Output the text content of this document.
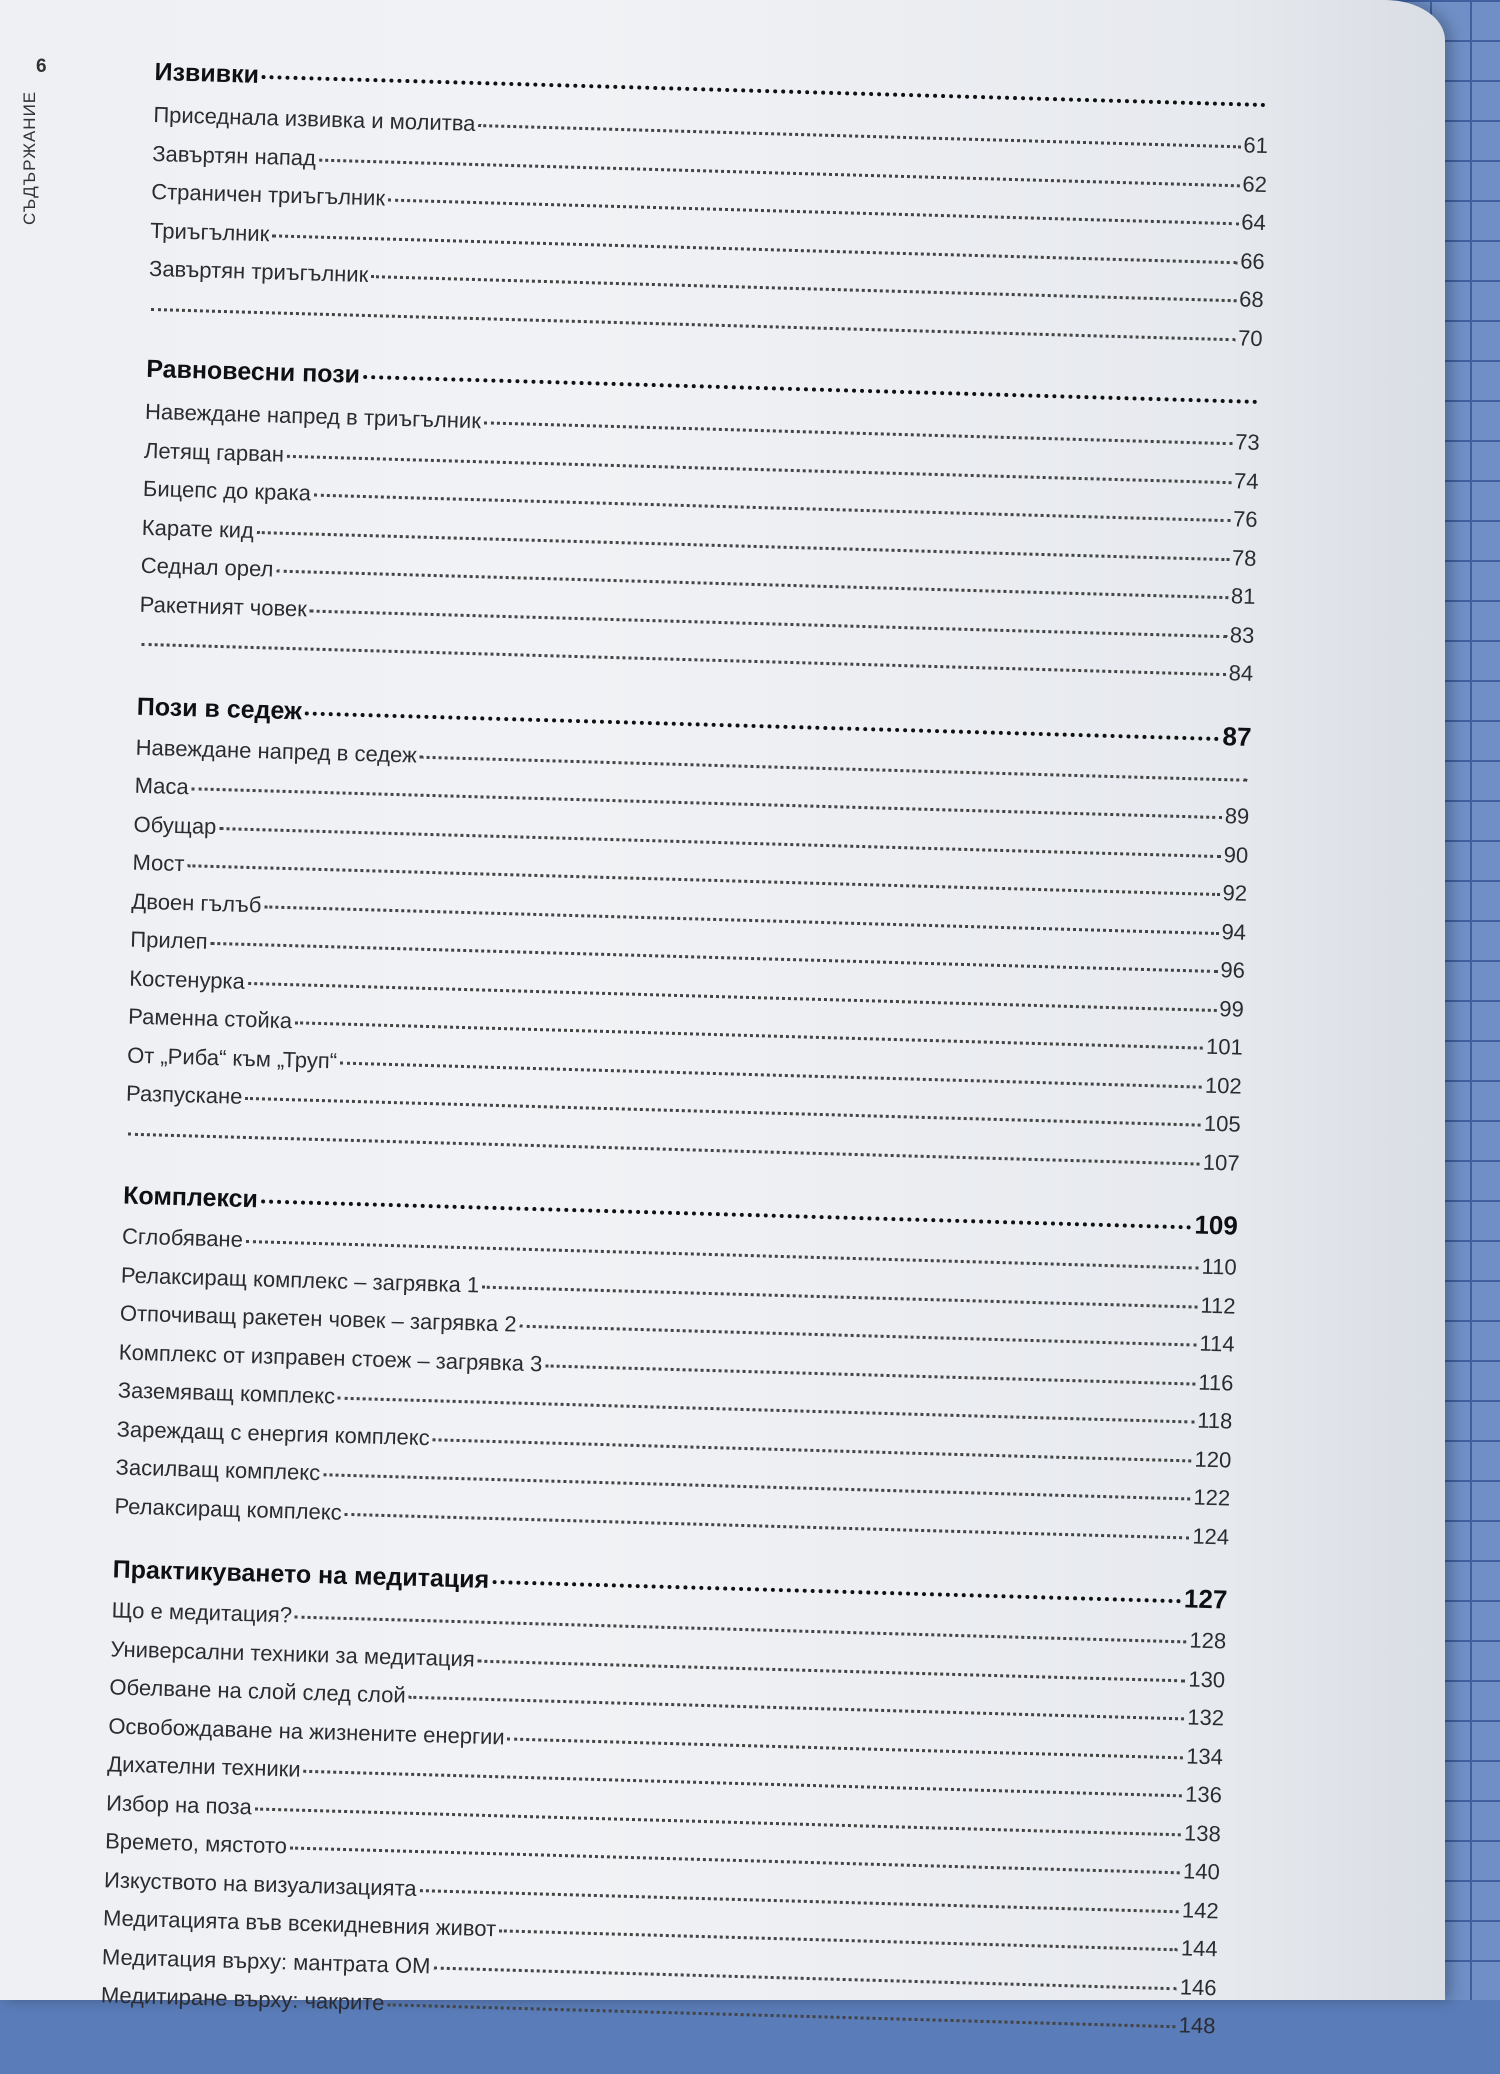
6
СЪДЪРЖАНИЕ
Извивки
Приседнала извивка и молитва
61
Завъртян напад
62
Страничен триъгълник
64
Триъгълник
66
Завъртян триъгълник
68
70
Равновесни пози
Навеждане напред в триъгълник
73
Летящ гарван
74
Бицепс до крака
76
Карате кид
78
Седнал орел
81
Ракетният човек
83
84
Пози в седеж
87
Навеждане напред в седеж
Маса
89
Обущар
90
Мост
92
Двоен гълъб
94
Прилеп
96
Костенурка
99
Раменна стойка
101
От „Риба“ към „Труп“
102
Разпускане
105
107
Комплекси
109
Сглобяване
110
Релаксиращ комплекс – загрявка 1
112
Отпочиващ ракетен човек – загрявка 2
114
Комплекс от изправен стоеж – загрявка 3
116
Заземяващ комплекс
118
Зареждащ с енергия комплекс
120
Засилващ комплекс
122
Релаксиращ комплекс
124
Практикуването на медитация
127
Що е медитация?
128
Универсални техники за медитация
130
Обелване на слой след слой
132
Освобождаване на жизнените енергии
134
Дихателни техники
136
Избор на поза
138
Времето, мястото
140
Изкуството на визуализацията
142
Медитацията във всекидневния живот
144
Медитация върху: мантрата ОМ
146
Медитиране върху: чакрите
148
